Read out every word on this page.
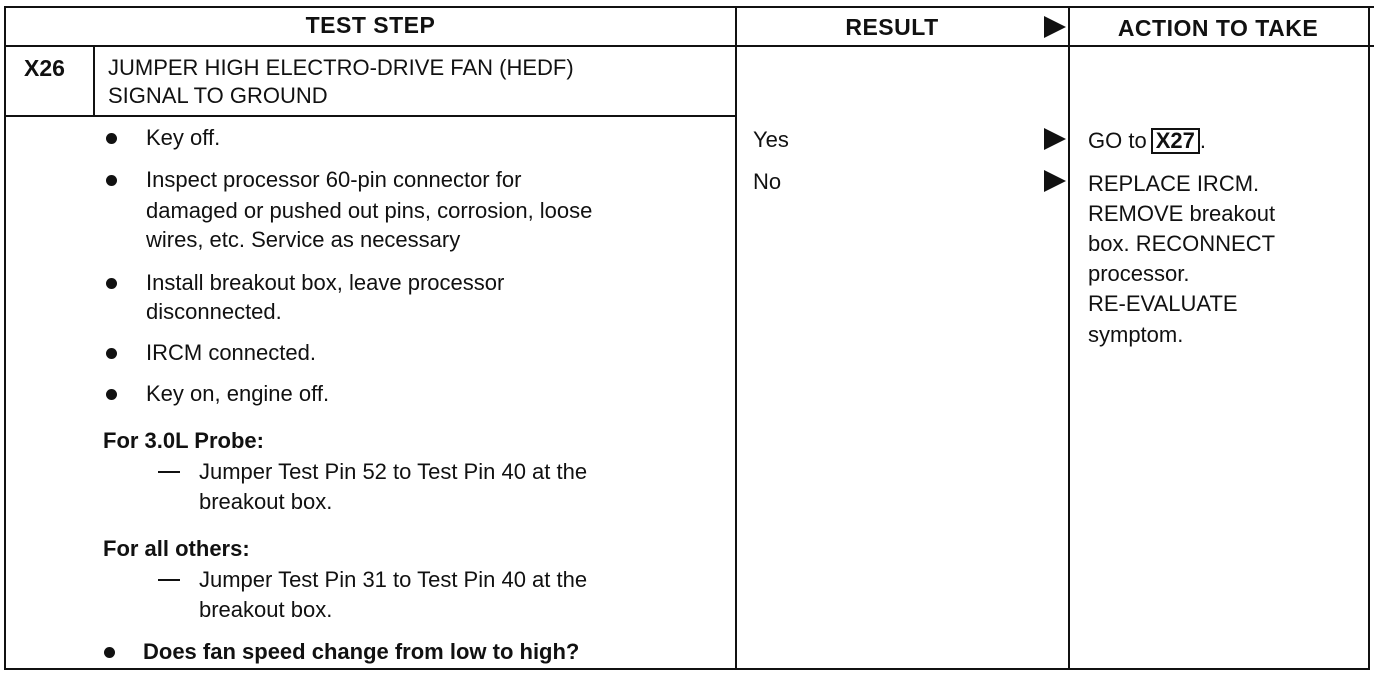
TEST STEP	RESULT	ACTION TO TAKE
X26 JUMPER HIGH ELECTRO-DRIVE FAN (HEDF)
SIGNAL TO GROUND
Key off.
Inspect processor 60-pin connector for
damaged or pushed out pins, corrosion, loose
wires, etc. Service as necessary
Install breakout box, leave processor
disconnected.
IRCM connected.
Key on, engine off.
For 3.0L Probe:
Jumper Test Pin 52 to Test Pin 40 at the
breakout box.
For all others:
Jumper Test Pin 31 to Test Pin 40 at the
breakout box.
Does fan speed change from low to high?
Yes
No
GO to X27 .
REPLACE IRCM.
REMOVE breakout
box. RECONNECT
processor.
RE-EVALUATE
symptom.
